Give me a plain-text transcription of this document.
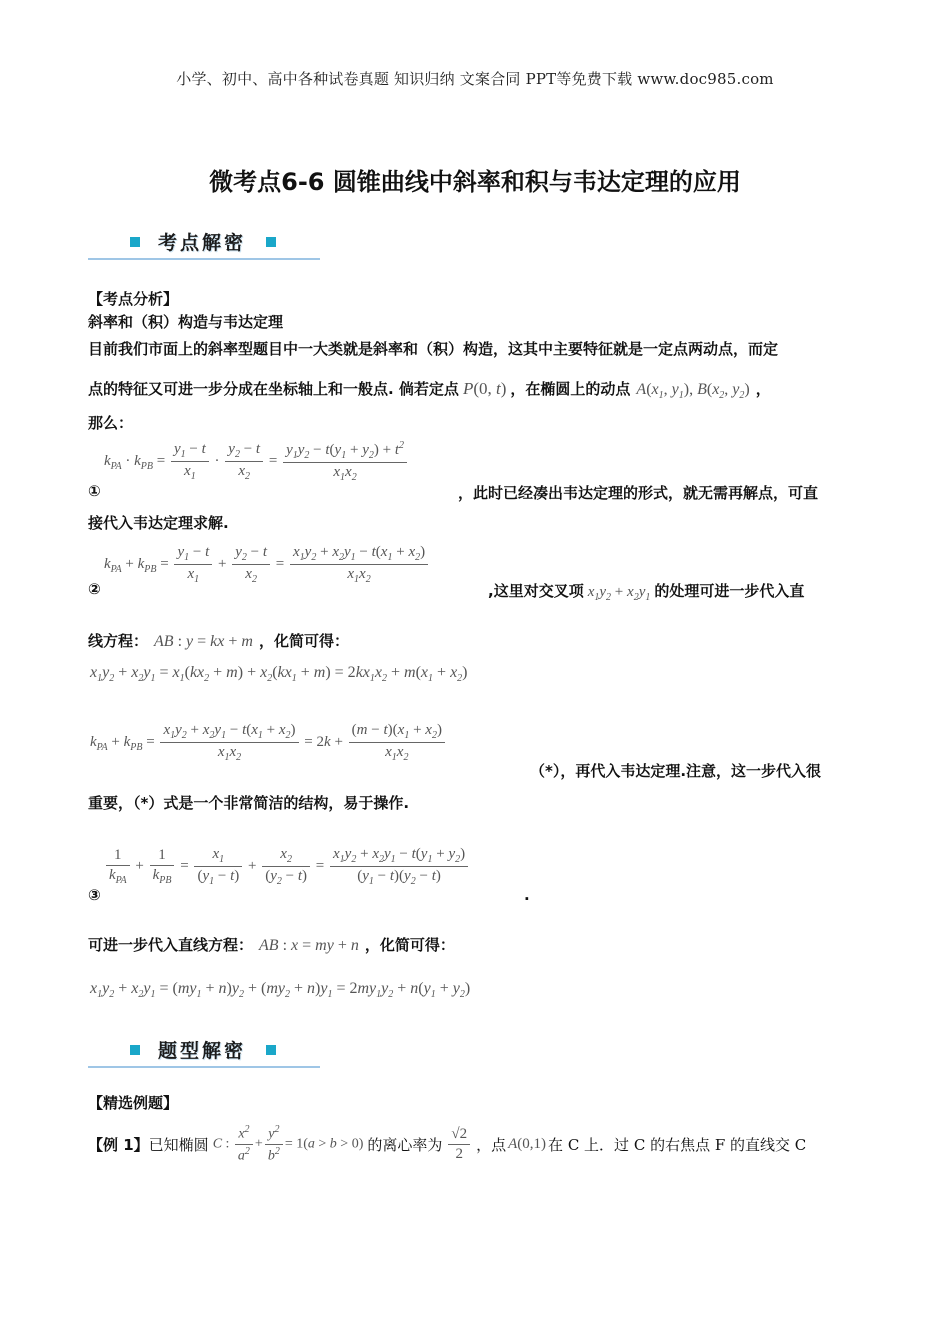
小学、初中、高中各种试卷真题 知识归纳 文案合同 PPT等免费下载 www.doc985.com
微考点6-6 圆锥曲线中斜率和积与韦达定理的应用
考点解密
【考点分析】
斜率和（积）构造与韦达定理
目前我们市面上的斜率型题目中一大类就是斜率和（积）构造，这其中主要特征就是一定点两动点，而定
点的特征又可进一步分成在坐标轴上和一般点. 倘若定点 P(0, t) ，在椭圆上的动点 $A(x_1$, $y_1$), $B(x_2$, $y_2$) ，
那么：
$k_{PA} \cdot k_{PB} = \frac{y_1 - t}{x_1} \cdot \frac{y_2 - t}{x_2} = \frac{y_1y_2 - t(y_1 + y_2) + t^2}{x_1x_2}$
①	，此时已经凑出韦达定理的形式，就无需再解点，可直
接代入韦达定理求解.
$k_{PA} + k_{PB} = \frac{y_1 - t}{x_1} + \frac{y_2 - t}{x_2} = \frac{x_1y_2 + x_2y_1 - t(x_1 + x_2)}{x_1x_2}$
②	,这里对交叉项 $x_1y_2 + x_2y_1$ 的处理可进一步代入直
线方程： AB : y = kx + m ，化简可得：
$x_1y_2 + x_2y_1 = x_1(kx_2 + m) + x_2(kx_1 + m) = 2kx_1x_2 + m(x_1 + x_2)$
$k_{PA} + k_{PB} = \frac{x_1y_2 + x_2y_1 - t(x_1 + x_2)}{x_1x_2} = 2k + \frac{(m - t)(x_1 + x_2)}{x_1x_2}$
（*），再代入韦达定理.注意，这一步代入很
重要，（*）式是一个非常简洁的结构，易于操作.
$\frac{1}{k_{PA}} + \frac{1}{k_{PB}} = \frac{x_1}{(y_1 - t)} + \frac{x_2}{(y_2 - t)} = \frac{x_1y_2 + x_2y_1 - t(y_1 + y_2)}{(y_1 - t)(y_2 - t)}$
③	.
可进一步代入直线方程： AB : x = my + n ，化简可得：
$x_1y_2 + x_2y_1 = (my_1 + n)y_2 + (my_2 + n)y_1 = 2my_1y_2 + n(y_1 + y_2)$
题型解密
【精选例题】
【例 1】 已知椭圆 C : $\frac{x^2}{a^2} + \frac{y^2}{b^2} = 1(a > b > 0)$ 的离心率为 $\frac{√2}{2}$ ，点 A(0,1) 在 C 上．过 C 的右焦点 F 的直线交 C
